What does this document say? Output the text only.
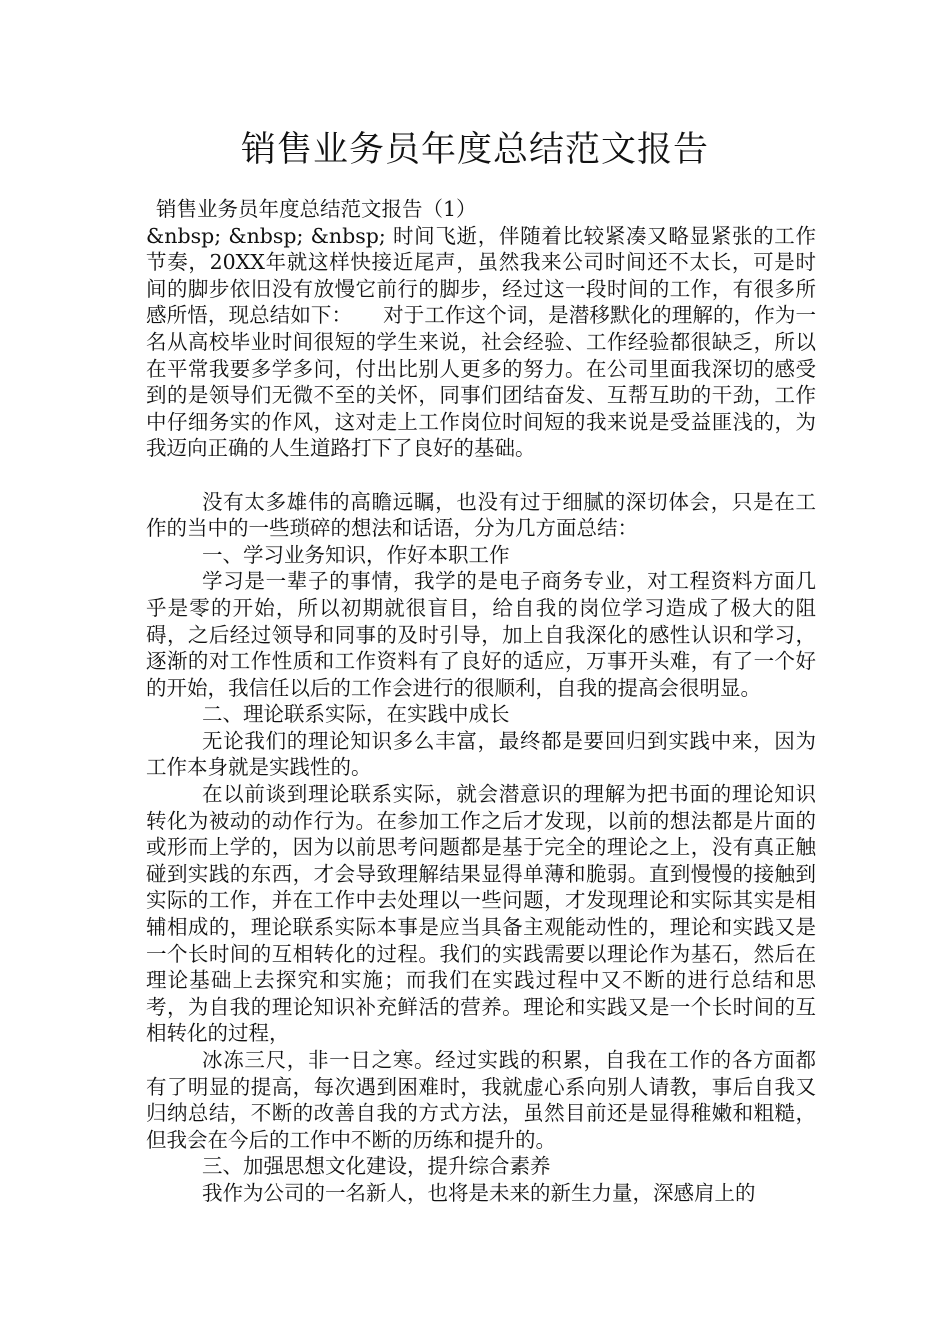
销售业务员年度总结范文报告

销售业务员年度总结范文报告（1）

&nbsp; &nbsp; &nbsp; 时间飞逝，伴随着比较紧凑又略显紧张的工作节奏，20XX年就这样快接近尾声，虽然我来公司时间还不太长，可是时间的脚步依旧没有放慢它前行的脚步，经过这一段时间的工作，有很多所感所悟，现总结如下：　　对于工作这个词，是潜移默化的理解的，作为一名从高校毕业时间很短的学生来说，社会经验、工作经验都很缺乏，所以在平常我要多学多问，付出比别人更多的努力。在公司里面我深切的感受到的是领导们无微不至的关怀，同事们团结奋发、互帮互助的干劲，工作中仔细务实的作风，这对走上工作岗位时间短的我来说是受益匪浅的，为我迈向正确的人生道路打下了良好的基础。

没有太多雄伟的高瞻远瞩，也没有过于细腻的深切体会，只是在工作的当中的一些琐碎的想法和话语，分为几方面总结：

一、学习业务知识，作好本职工作

学习是一辈子的事情，我学的是电子商务专业，对工程资料方面几乎是零的开始，所以初期就很盲目，给自我的岗位学习造成了极大的阻碍，之后经过领导和同事的及时引导，加上自我深化的感性认识和学习，逐渐的对工作性质和工作资料有了良好的适应，万事开头难，有了一个好的开始，我信任以后的工作会进行的很顺利，自我的提高会很明显。

二、理论联系实际，在实践中成长

无论我们的理论知识多么丰富，最终都是要回归到实践中来，因为工作本身就是实践性的。

在以前谈到理论联系实际，就会潜意识的理解为把书面的理论知识转化为被动的动作行为。在参加工作之后才发现，以前的想法都是片面的或形而上学的，因为以前思考问题都是基于完全的理论之上，没有真正触碰到实践的东西，才会导致理解结果显得单薄和脆弱。直到慢慢的接触到实际的工作，并在工作中去处理以一些问题，才发现理论和实际其实是相辅相成的，理论联系实际本事是应当具备主观能动性的，理论和实践又是一个长时间的互相转化的过程。我们的实践需要以理论作为基石，然后在理论基础上去探究和实施；而我们在实践过程中又不断的进行总结和思考，为自我的理论知识补充鲜活的营养。理论和实践又是一个长时间的互相转化的过程，

冰冻三尺，非一日之寒。经过实践的积累，自我在工作的各方面都有了明显的提高，每次遇到困难时，我就虚心系向别人请教，事后自我又归纳总结，不断的改善自我的方式方法，虽然目前还是显得稚嫩和粗糙，但我会在今后的工作中不断的历练和提升的。

三、加强思想文化建设，提升综合素养

我作为公司的一名新人，也将是未来的新生力量，深感肩上的
